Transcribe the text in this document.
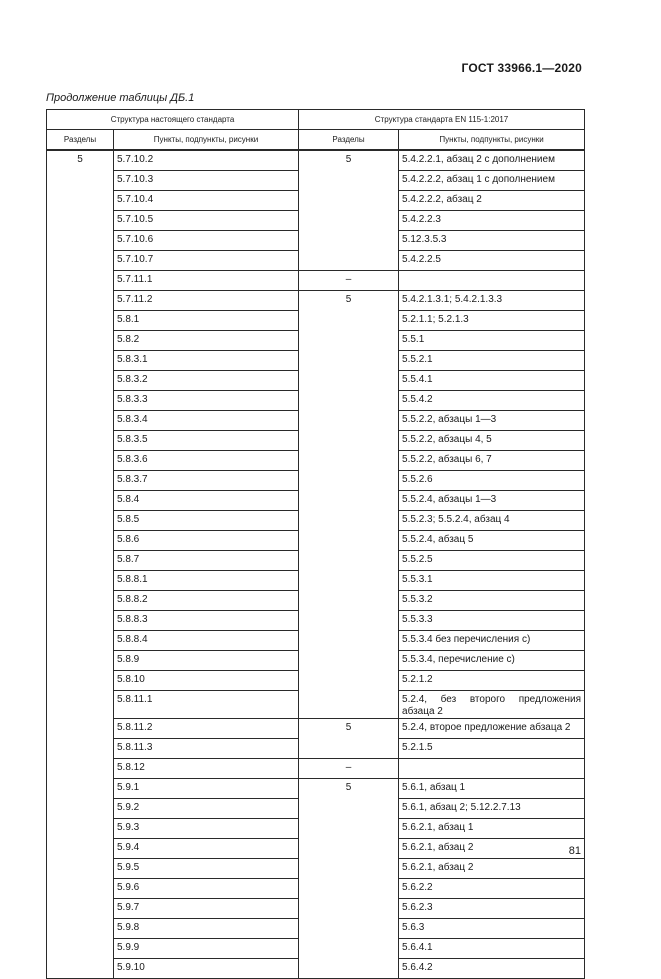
ГОСТ 33966.1—2020
Продолжение таблицы ДБ.1
Структура настоящего стандарта		Структура стандарта EN 115-1:2017	
Разделы	Пункты, подпункты, рисунки	Разделы	Пункты, подпункты, рисунки
5	5.7.10.2	5	5.4.2.2.1, абзац 2 с дополнением
	5.7.10.3		5.4.2.2.2, абзац 1 с дополнением
	5.7.10.4		5.4.2.2.2, абзац 2
	5.7.10.5		5.4.2.2.3
	5.7.10.6		5.12.3.5.3
	5.7.10.7		5.4.2.2.5
	5.7.11.1	–	
	5.7.11.2	5	5.4.2.1.3.1; 5.4.2.1.3.3
	5.8.1		5.2.1.1; 5.2.1.3
	5.8.2		5.5.1
	5.8.3.1		5.5.2.1
	5.8.3.2		5.5.4.1
	5.8.3.3		5.5.4.2
	5.8.3.4		5.5.2.2, абзацы 1—3
	5.8.3.5		5.5.2.2, абзацы 4, 5
	5.8.3.6		5.5.2.2, абзацы 6, 7
	5.8.3.7		5.5.2.6
	5.8.4		5.5.2.4, абзацы 1—3
	5.8.5		5.5.2.3; 5.5.2.4, абзац 4
	5.8.6		5.5.2.4, абзац 5
	5.8.7		5.5.2.5
	5.8.8.1		5.5.3.1
	5.8.8.2		5.5.3.2
	5.8.8.3		5.5.3.3
	5.8.8.4		5.5.3.4 без перечисления с)
	5.8.9		5.5.3.4, перечисление с)
	5.8.10		5.2.1.2
	5.8.11.1		5.2.4, без второго предложения абзаца 2
	5.8.11.2	5	5.2.4, второе предложение абзаца 2
	5.8.11.3		5.2.1.5
	5.8.12	–	
	5.9.1	5	5.6.1, абзац 1
	5.9.2		5.6.1, абзац 2; 5.12.2.7.13
	5.9.3		5.6.2.1, абзац 1
	5.9.4		5.6.2.1, абзац 2
	5.9.5		5.6.2.1, абзац 2
	5.9.6		5.6.2.2
	5.9.7		5.6.2.3
	5.9.8		5.6.3
	5.9.9		5.6.4.1
	5.9.10		5.6.4.2
81
